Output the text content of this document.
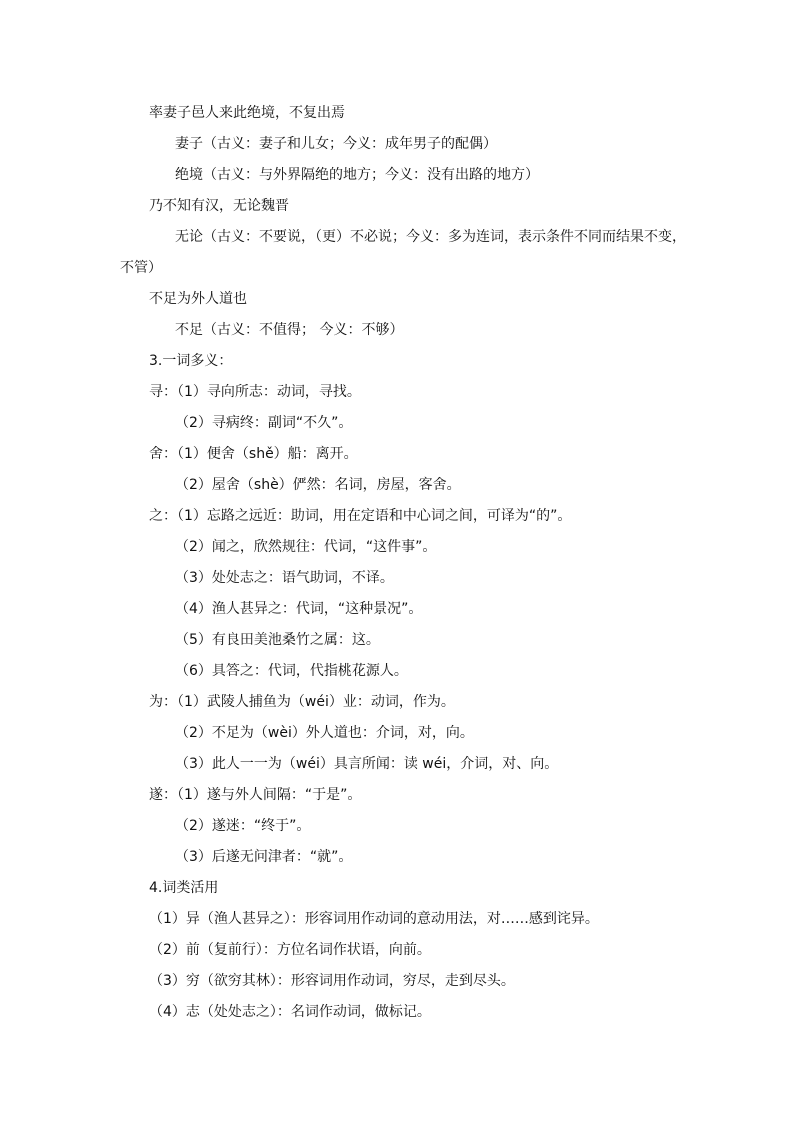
率妻子邑人来此绝境，不复出焉
妻子（古义：妻子和儿女；今义：成年男子的配偶）
绝境（古义：与外界隔绝的地方；今义：没有出路的地方）
乃不知有汉，无论魏晋
无论（古义：不要说，（更）不必说；今义：多为连词，表示条件不同而结果不变，
不管）
不足为外人道也
不足（古义：不值得； 今义：不够）
3.一词多义：
寻：（1）寻向所志：动词，寻找。
（2）寻病终：副词“不久”。
舍：（1）便舍（shě）船：离开。
（2）屋舍（shè）俨然：名词，房屋，客舍。
之：（1）忘路之远近：助词，用在定语和中心词之间，可译为“的”。
（2）闻之，欣然规往：代词，“这件事”。
（3）处处志之：语气助词，不译。
（4）渔人甚异之：代词，“这种景况”。
（5）有良田美池桑竹之属：这。
（6）具答之：代词，代指桃花源人。
为：（1）武陵人捕鱼为（wéi）业：动词，作为。
（2）不足为（wèi）外人道也：介词，对，向。
（3）此人一一为（wéi）具言所闻：读 wéi，介词，对、向。
遂：（1）遂与外人间隔：“于是”。
（2）遂迷：“终于”。
（3）后遂无问津者：“就”。
4.词类活用
（1）异（渔人甚异之）：形容词用作动词的意动用法，对……感到诧异。
（2）前（复前行）：方位名词作状语，向前。
（3）穷（欲穷其林）：形容词用作动词，穷尽，走到尽头。
（4）志（处处志之）：名词作动词，做标记。
